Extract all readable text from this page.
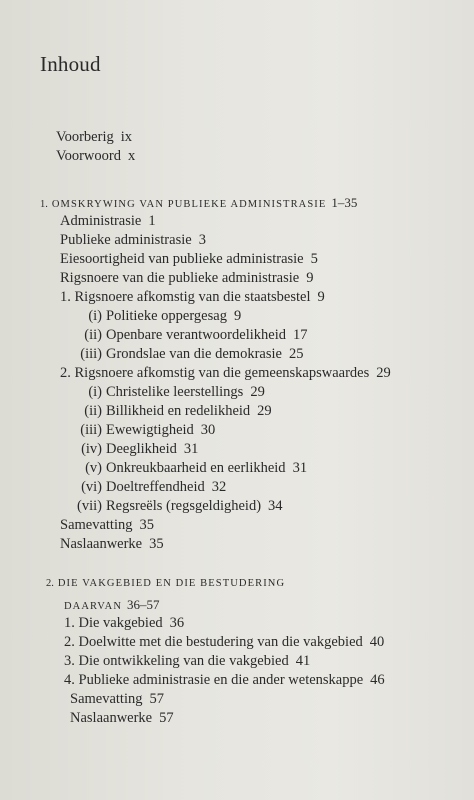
Inhoud
Voorberig ix
Voorwoord x
1. OMSKRYWING VAN PUBLIEKE ADMINISTRASIE 1–35
Administrasie 1
Publieke administrasie 3
Eiesoortigheid van publieke administrasie 5
Rigsnoere van die publieke administrasie 9
1. Rigsnoere afkomstig van die staatsbestel 9
(i) Politieke oppergesag 9
(ii) Openbare verantwoordelikheid 17
(iii) Grondslae van die demokrasie 25
2. Rigsnoere afkomstig van die gemeenskapswaardes 29
(i) Christelike leerstellings 29
(ii) Billikheid en redelikheid 29
(iii) Ewewigtigheid 30
(iv) Deeglikheid 31
(v) Onkreukbaarheid en eerlikheid 31
(vi) Doeltreffendheid 32
(vii) Regsreëls (regsgeldigheid) 34
Samevatting 35
Naslaanwerke 35
2. DIE VAKGEBIED EN DIE BESTUDERING
DAARVAN 36–57
1. Die vakgebied 36
2. Doelwitte met die bestudering van die vakgebied 40
3. Die ontwikkeling van die vakgebied 41
4. Publieke administrasie en die ander wetenskappe 46
Samevatting 57
Naslaanwerke 57
